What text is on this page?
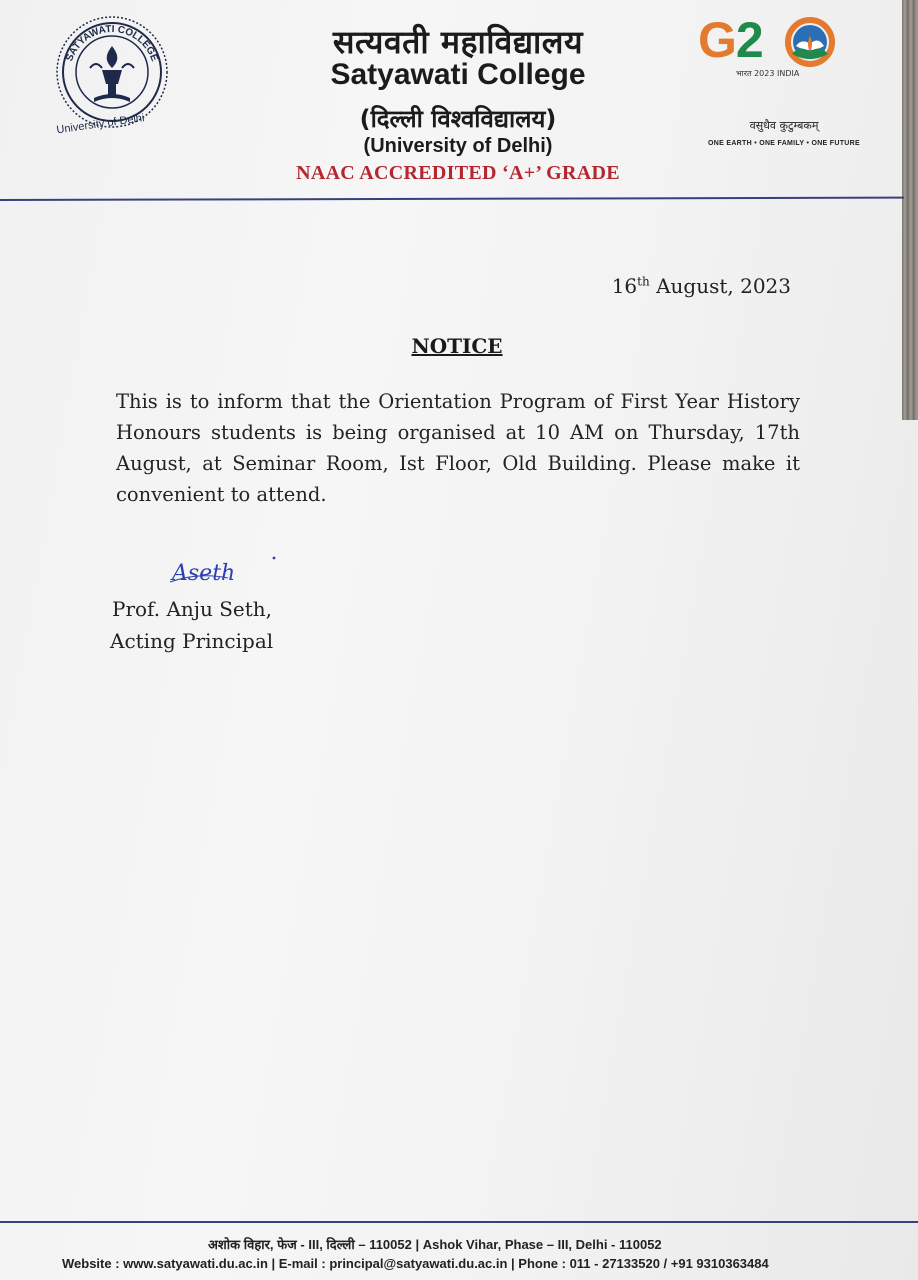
SATYAWATI COLLEGE
University of Delhi
सत्यवती महाविद्यालय
Satyawati College
(दिल्ली विश्वविद्यालय)
(University of Delhi)
NAAC ACCREDITED ‘A+’ GRADE
G2
भारत 2023 INDIA
वसुधैव कुटुम्बकम्
ONE EARTH • ONE FAMILY • ONE FUTURE
16th August, 2023
NOTICE
This is to inform that the Orientation Program of First Year History Honours students is being organised at 10 AM on Thursday, 17th August, at Seminar Room, Ist Floor, Old Building. Please make it convenient to attend.
Aseth
Prof. Anju Seth,
Acting Principal
अशोक विहार, फेज - III, दिल्ली – 110052 | Ashok Vihar, Phase – III, Delhi - 110052
Website : www.satyawati.du.ac.in | E-mail : principal@satyawati.du.ac.in | Phone : 011 - 27133520 / +91 9310363484
